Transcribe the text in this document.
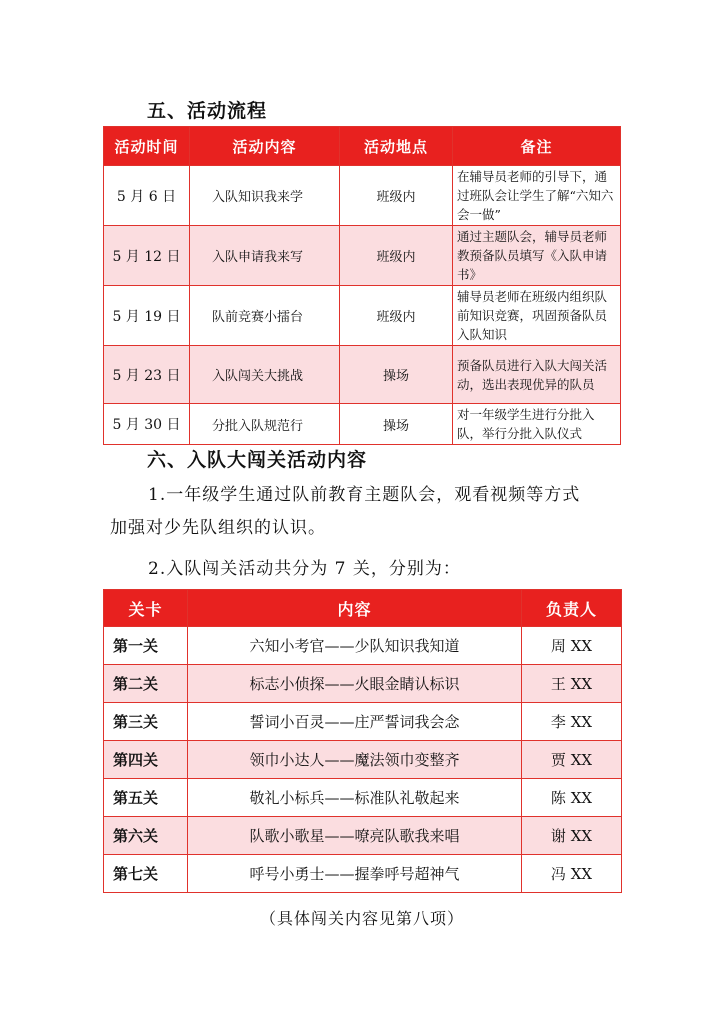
五、活动流程
活动时间	活动内容	活动地点	备注
5 月 6 日	入队知识我来学	班级内	在辅导员老师的引导下，通过班队会让学生了解“六知六会一做”
5 月 12 日	入队申请我来写	班级内	通过主题队会，辅导员老师教预备队员填写《入队申请书》
5 月 19 日	队前竞赛小擂台	班级内	辅导员老师在班级内组织队前知识竞赛，巩固预备队员入队知识
5 月 23 日	入队闯关大挑战	操场	预备队员进行入队大闯关活动，选出表现优异的队员
5 月 30 日	分批入队规范行	操场	对一年级学生进行分批入队，举行分批入队仪式
六、入队大闯关活动内容
1.一年级学生通过队前教育主题队会，观看视频等方式
加强对少先队组织的认识。
2.入队闯关活动共分为 7 关，分别为：
关卡	内容	负责人
第一关	六知小考官——少队知识我知道	周 XX
第二关	标志小侦探——火眼金睛认标识	王 XX
第三关	誓词小百灵——庄严誓词我会念	李 XX
第四关	领巾小达人——魔法领巾变整齐	贾 XX
第五关	敬礼小标兵——标准队礼敬起来	陈 XX
第六关	队歌小歌星——嘹亮队歌我来唱	谢 XX
第七关	呼号小勇士——握拳呼号超神气	冯 XX
（具体闯关内容见第八项）
